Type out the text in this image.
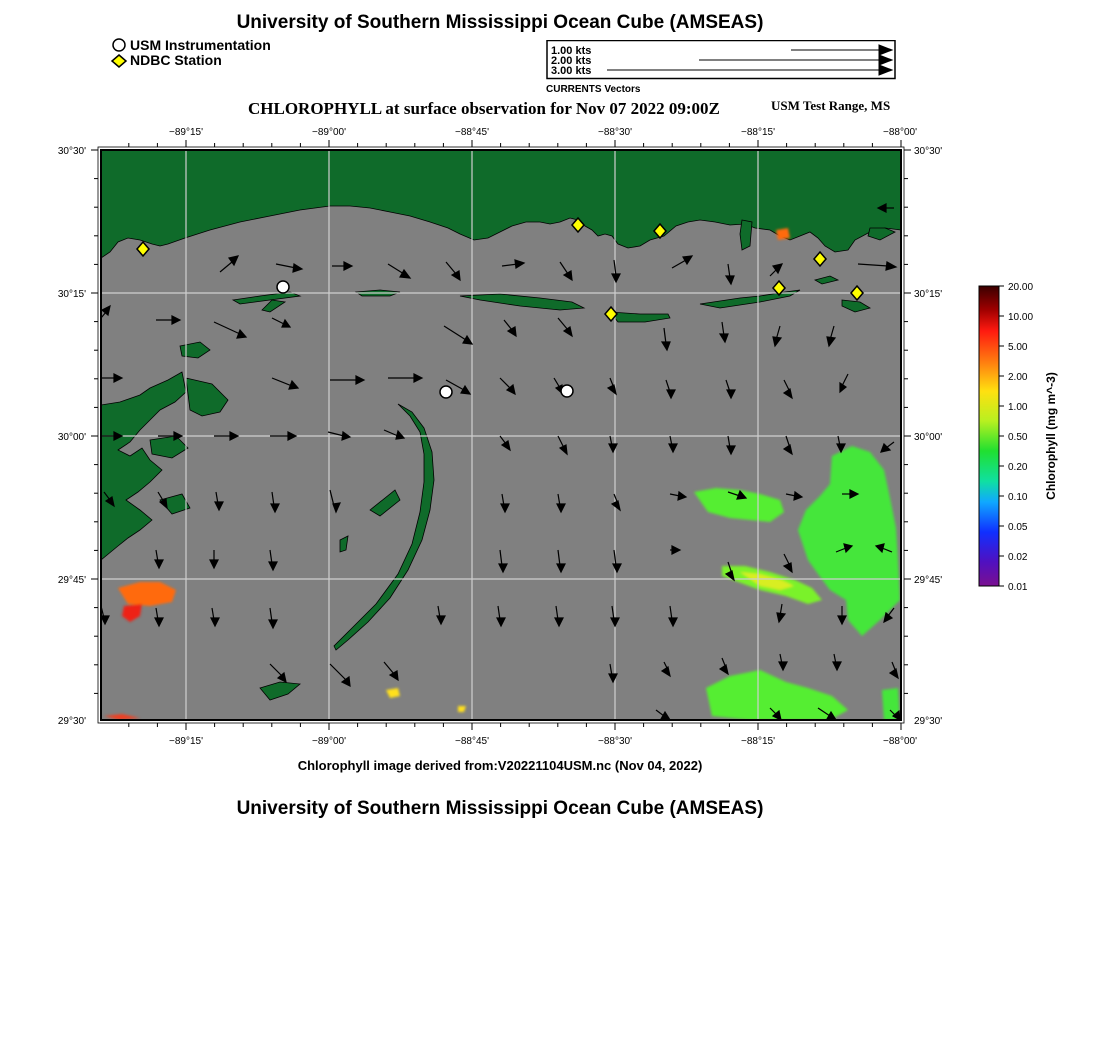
University of Southern Mississippi Ocean Cube (AMSEAS)
USM Instrumentation
NDBC Station
1.00 kts
2.00 kts
3.00 kts
CURRENTS Vectors
CHLOROPHYLL at surface observation for Nov 07 2022 09:00Z	USM Test Range, MS
−89°15'	−89°00'	−88°45'	−88°30'	−88°15'	−88°00'
−89°15'	−89°00'	−88°45'	−88°30'	−88°15'	−88°00'
30°30'
30°15'
30°00'
29°45'
29°30'
30°30'
30°15'
30°00'
29°45'
29°30'
20.00
10.00
5.00
2.00
1.00
0.50
0.20
0.10
0.05
0.02
0.01
Chlorophyll (mg m^-3)
Chlorophyll image derived from:V20221104USM.nc (Nov 04, 2022)
University of Southern Mississippi Ocean Cube (AMSEAS)
